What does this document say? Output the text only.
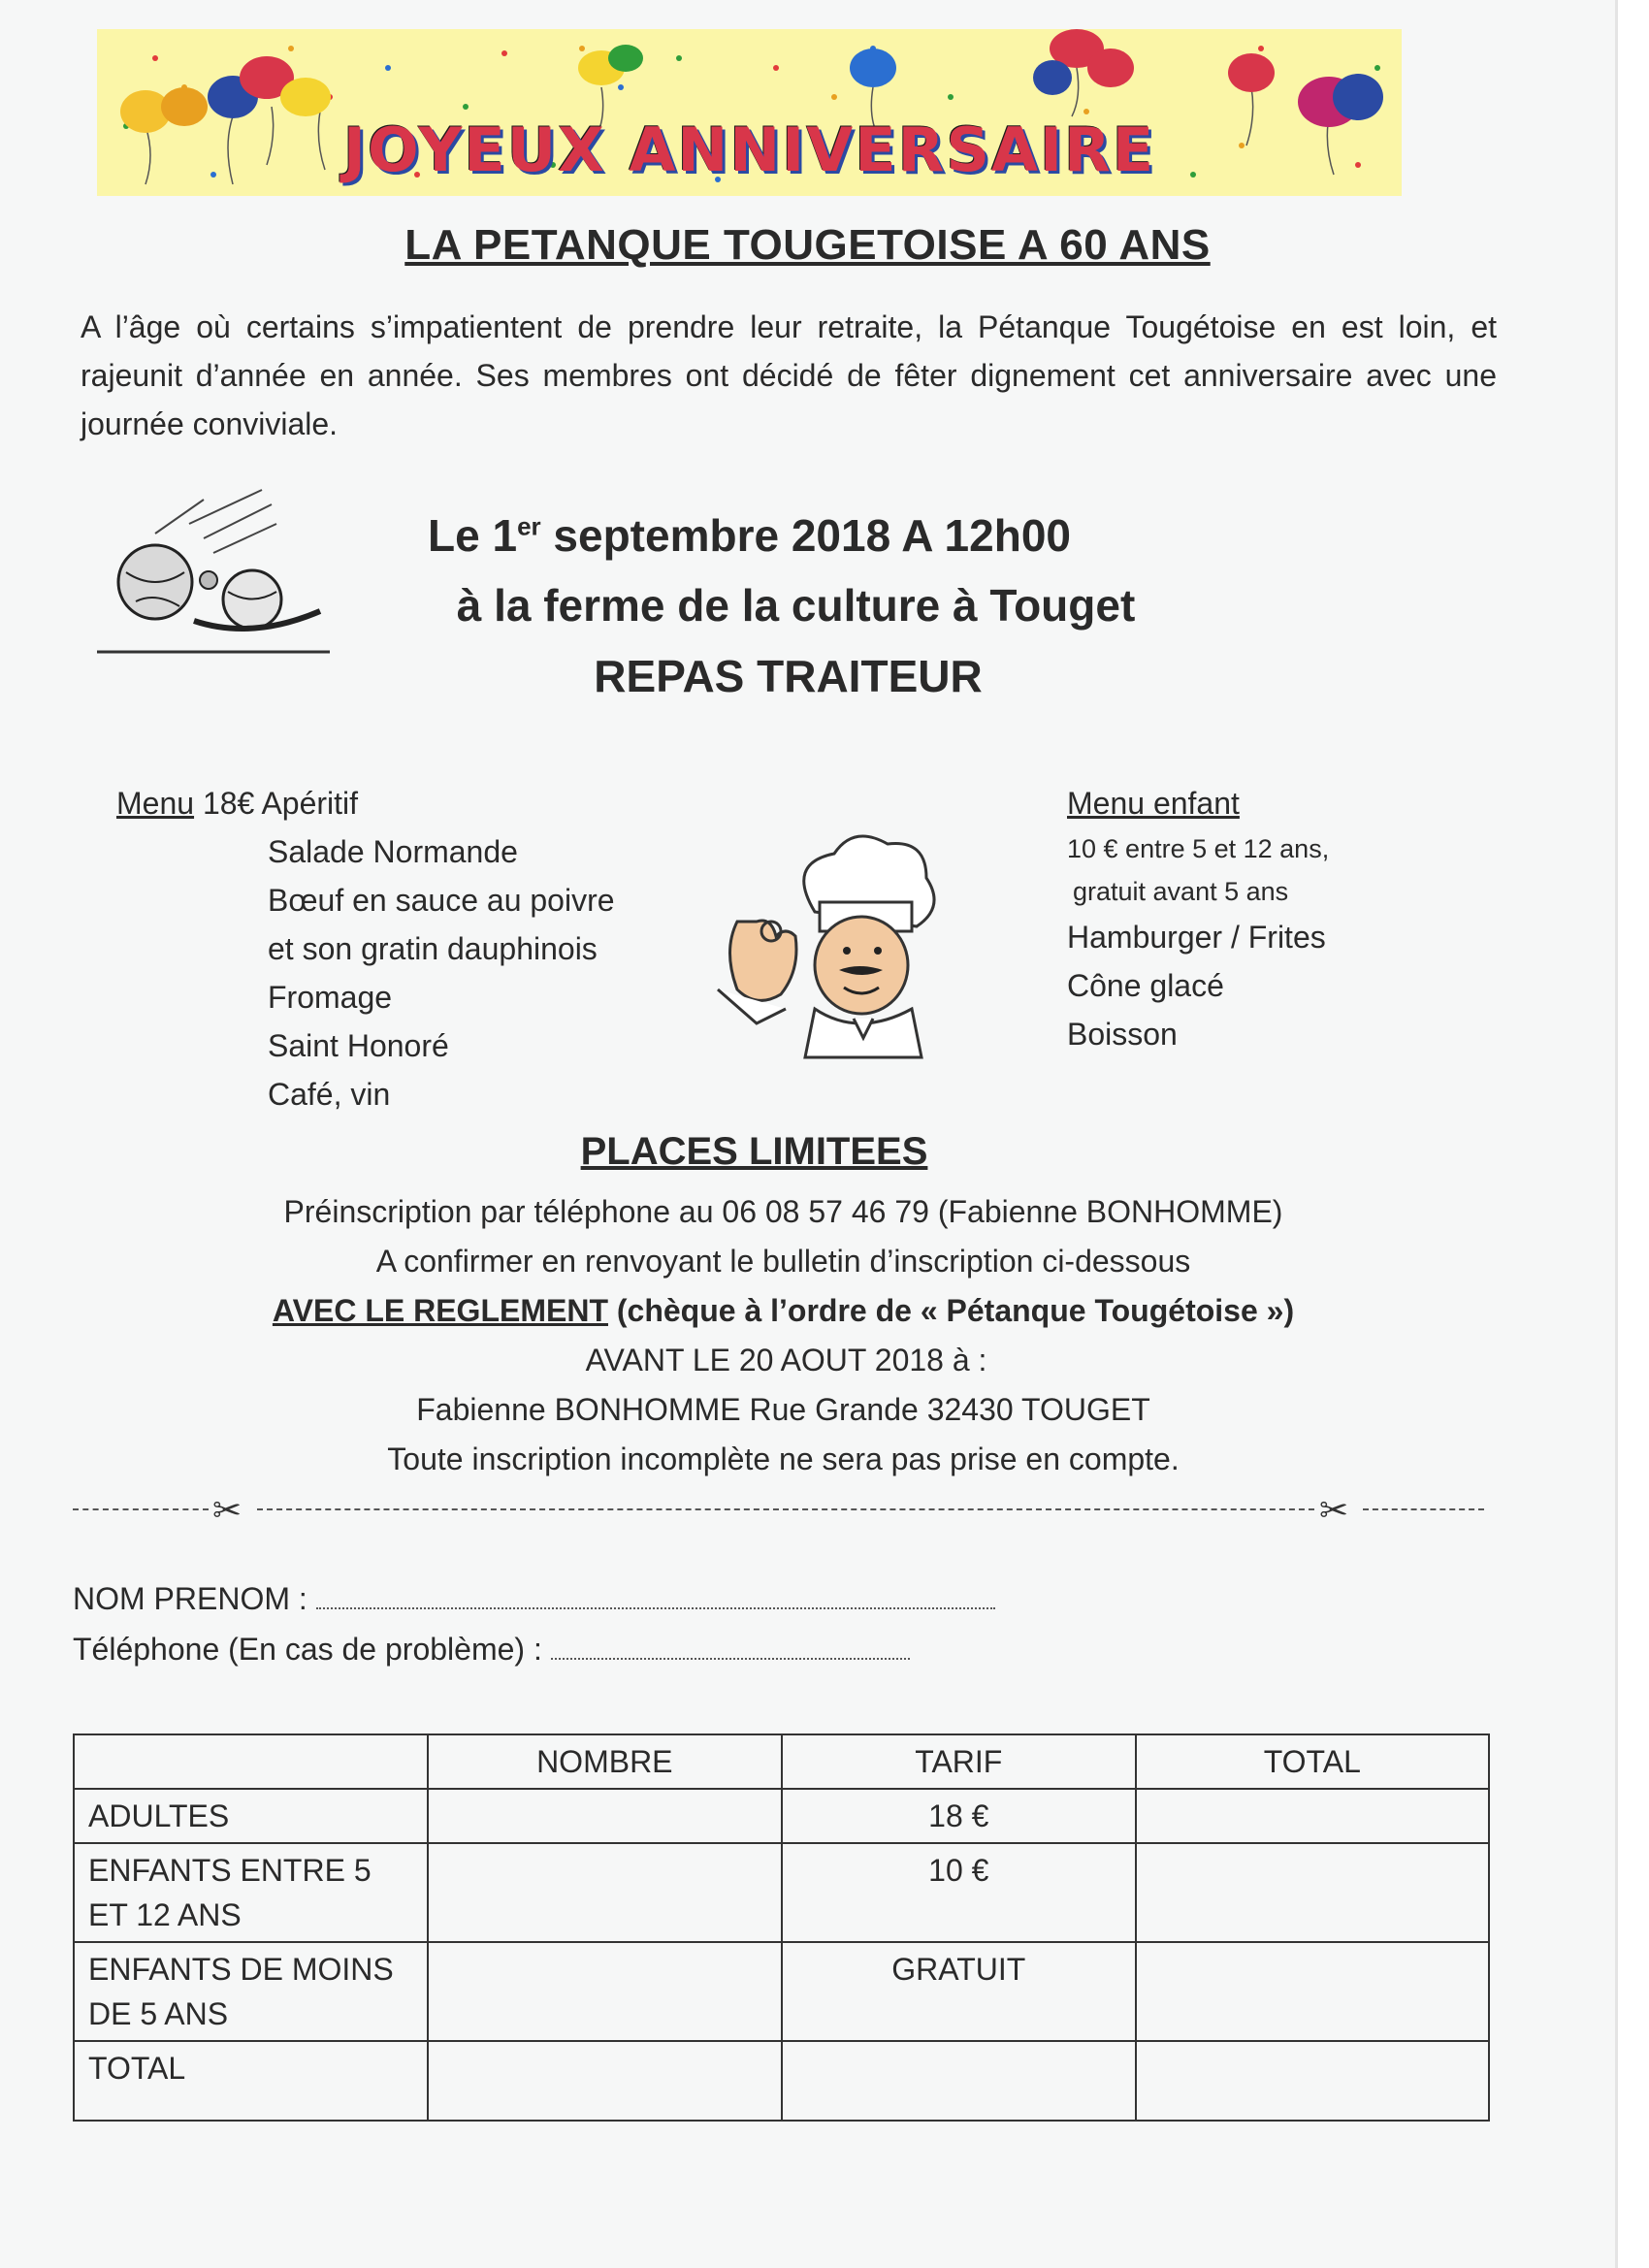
JOYEUX ANNIVERSAIRE
LA PETANQUE TOUGETOISE A 60 ANS
A l’âge où certains s’impatientent de prendre leur retraite, la Pétanque Tougétoise en est loin, et rajeunit d’année en année. Ses membres ont décidé de fêter dignement cet anniversaire avec une journée conviviale.
Le 1er septembre 2018 A 12h00
à la ferme de la culture à Touget
REPAS TRAITEUR
Menu 18€ Apéritif
Salade Normande
Bœuf en sauce au poivre
et son gratin dauphinois
Fromage
Saint Honoré
Café, vin
Menu enfant
10 € entre 5 et 12 ans,
gratuit avant 5 ans
Hamburger / Frites
Cône glacé
Boisson
PLACES LIMITEES
Préinscription par téléphone au 06 08 57 46 79 (Fabienne BONHOMME)
A confirmer en renvoyant le bulletin d’inscription ci-dessous
AVEC LE REGLEMENT (chèque à l’ordre de « Pétanque Tougétoise »)
AVANT LE 20 AOUT 2018 à :
Fabienne BONHOMME Rue Grande 32430 TOUGET
Toute inscription incomplète ne sera pas prise en compte.
✂	✂
NOM PRENOM :
Téléphone (En cas de problème) :
	NOMBRE	TARIF	TOTAL
ADULTES		18 €	
ENFANTS ENTRE 5 ET 12 ANS		10 €	
ENFANTS DE MOINS DE 5 ANS		GRATUIT	
TOTAL			
